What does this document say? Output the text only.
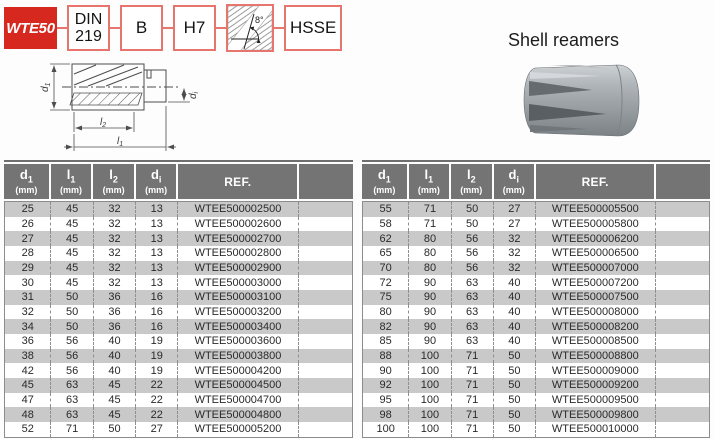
WTE50
DIN
219	B	H7	8°	HSSE
$d_1$
$d_i$
$l_2$
$l_1$
Shell reamers
$d_1$
(mm)
$l_1$
(mm)
$l_2$
(mm)
$d_i$
(mm)
REF.
25	45	32	13	WTEE500002500
26	45	32	13	WTEE500002600
27	45	32	13	WTEE500002700
28	45	32	13	WTEE500002800
29	45	32	13	WTEE500002900
30	45	32	13	WTEE500003000
31	50	36	16	WTEE500003100
32	50	36	16	WTEE500003200
34	50	36	16	WTEE500003400
36	56	40	19	WTEE500003600
38	56	40	19	WTEE500003800
42	56	40	19	WTEE500004200
45	63	45	22	WTEE500004500
47	63	45	22	WTEE500004700
48	63	45	22	WTEE500004800
52	71	50	27	WTEE500005200
$d_1$
(mm)
$l_1$
(mm)
$l_2$
(mm)
$d_i$
(mm)
REF.
55	71	50	27	WTEE500005500
58	71	50	27	WTEE500005800
62	80	56	32	WTEE500006200
65	80	56	32	WTEE500006500
70	80	56	32	WTEE500007000
72	90	63	40	WTEE500007200
75	90	63	40	WTEE500007500
80	90	63	40	WTEE500008000
82	90	63	40	WTEE500008200
85	90	63	40	WTEE500008500
88	100	71	50	WTEE500008800
90	100	71	50	WTEE500009000
92	100	71	50	WTEE500009200
95	100	71	50	WTEE500009500
98	100	71	50	WTEE500009800
100	100	71	50	WTEE500010000
